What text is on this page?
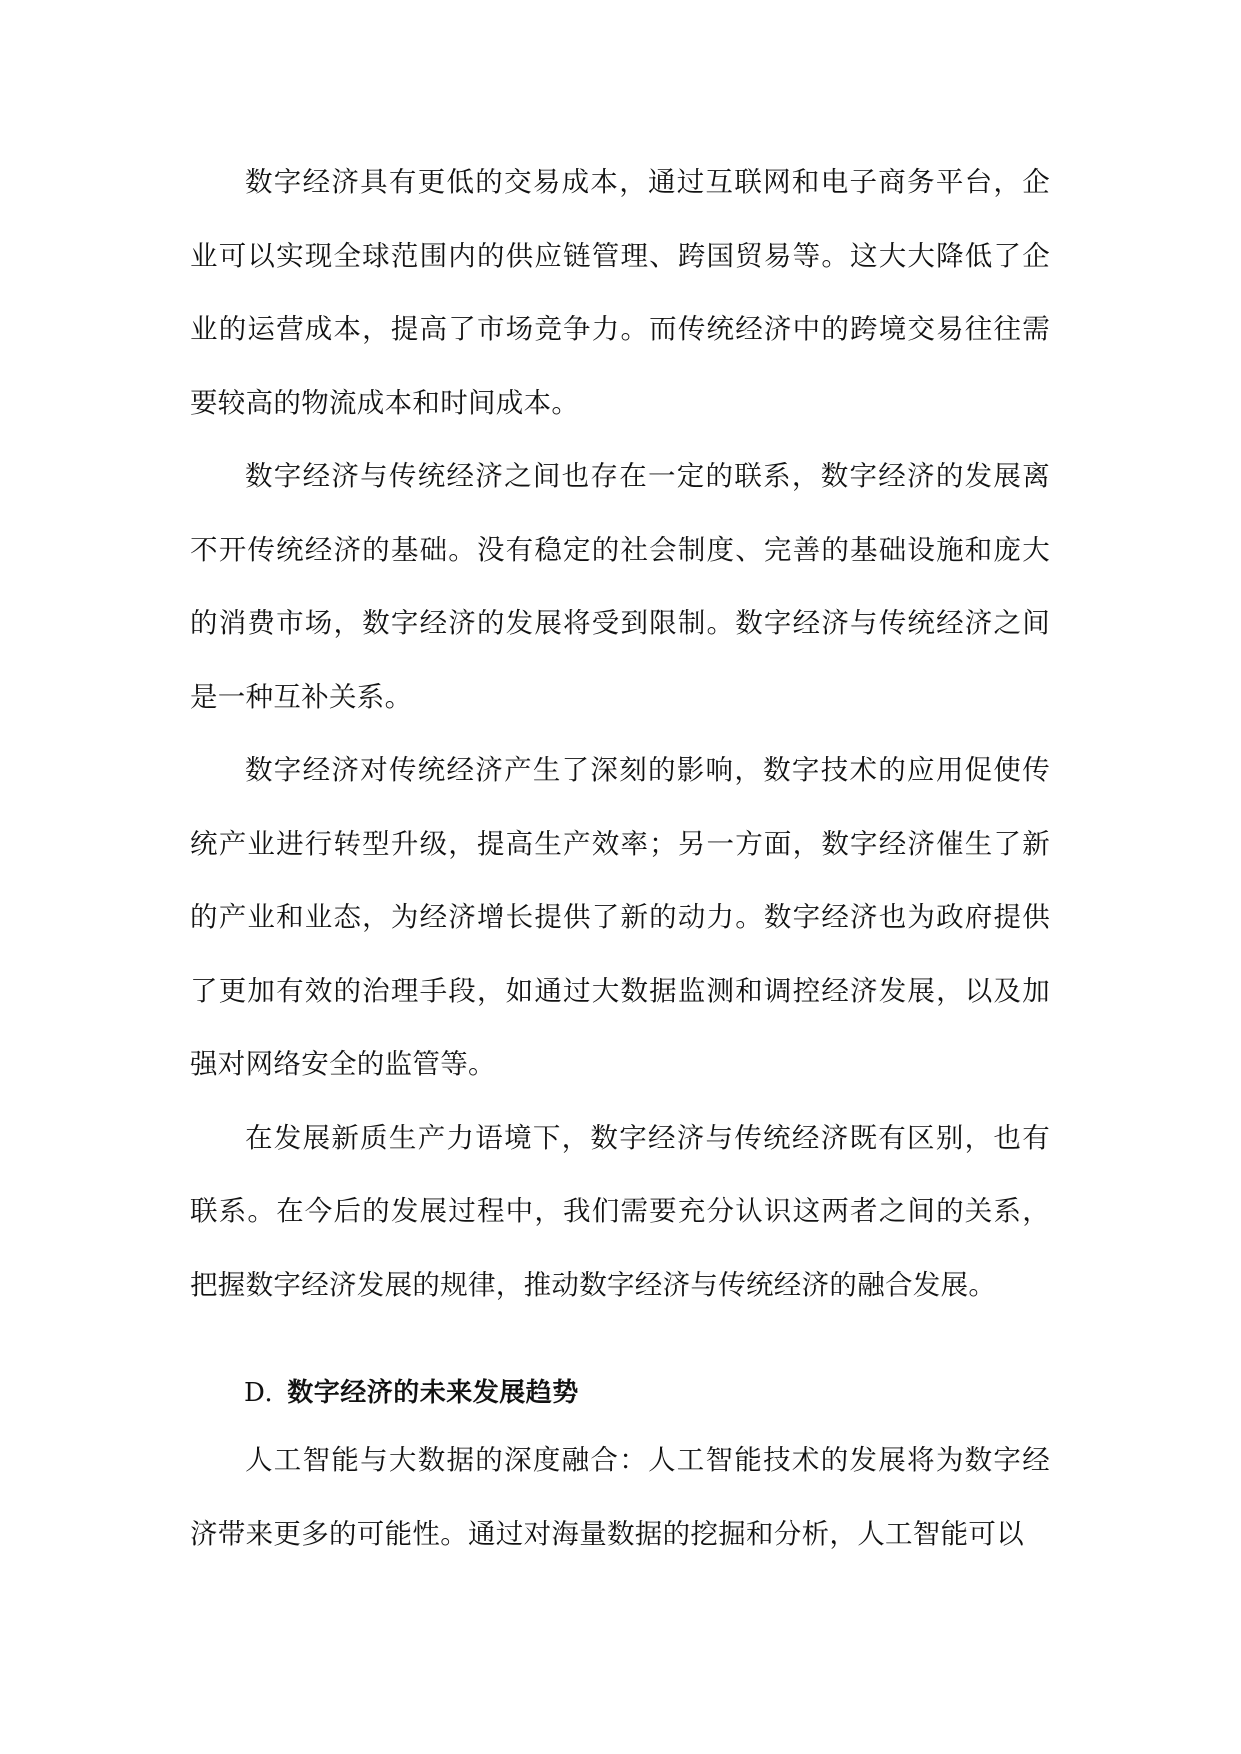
数字经济具有更低的交易成本，通过互联网和电子商务平台，企业可以实现全球范围内的供应链管理、跨国贸易等。这大大降低了企业的运营成本，提高了市场竞争力。而传统经济中的跨境交易往往需要较高的物流成本和时间成本。

数字经济与传统经济之间也存在一定的联系，数字经济的发展离不开传统经济的基础。没有稳定的社会制度、完善的基础设施和庞大的消费市场，数字经济的发展将受到限制。数字经济与传统经济之间是一种互补关系。

数字经济对传统经济产生了深刻的影响，数字技术的应用促使传统产业进行转型升级，提高生产效率；另一方面，数字经济催生了新的产业和业态，为经济增长提供了新的动力。数字经济也为政府提供了更加有效的治理手段，如通过大数据监测和调控经济发展，以及加强对网络安全的监管等。

在发展新质生产力语境下，数字经济与传统经济既有区别，也有联系。在今后的发展过程中，我们需要充分认识这两者之间的关系，把握数字经济发展的规律，推动数字经济与传统经济的融合发展。

D. 数字经济的未来发展趋势

人工智能与大数据的深度融合：人工智能技术的发展将为数字经济带来更多的可能性。通过对海量数据的挖掘和分析，人工智能可以
